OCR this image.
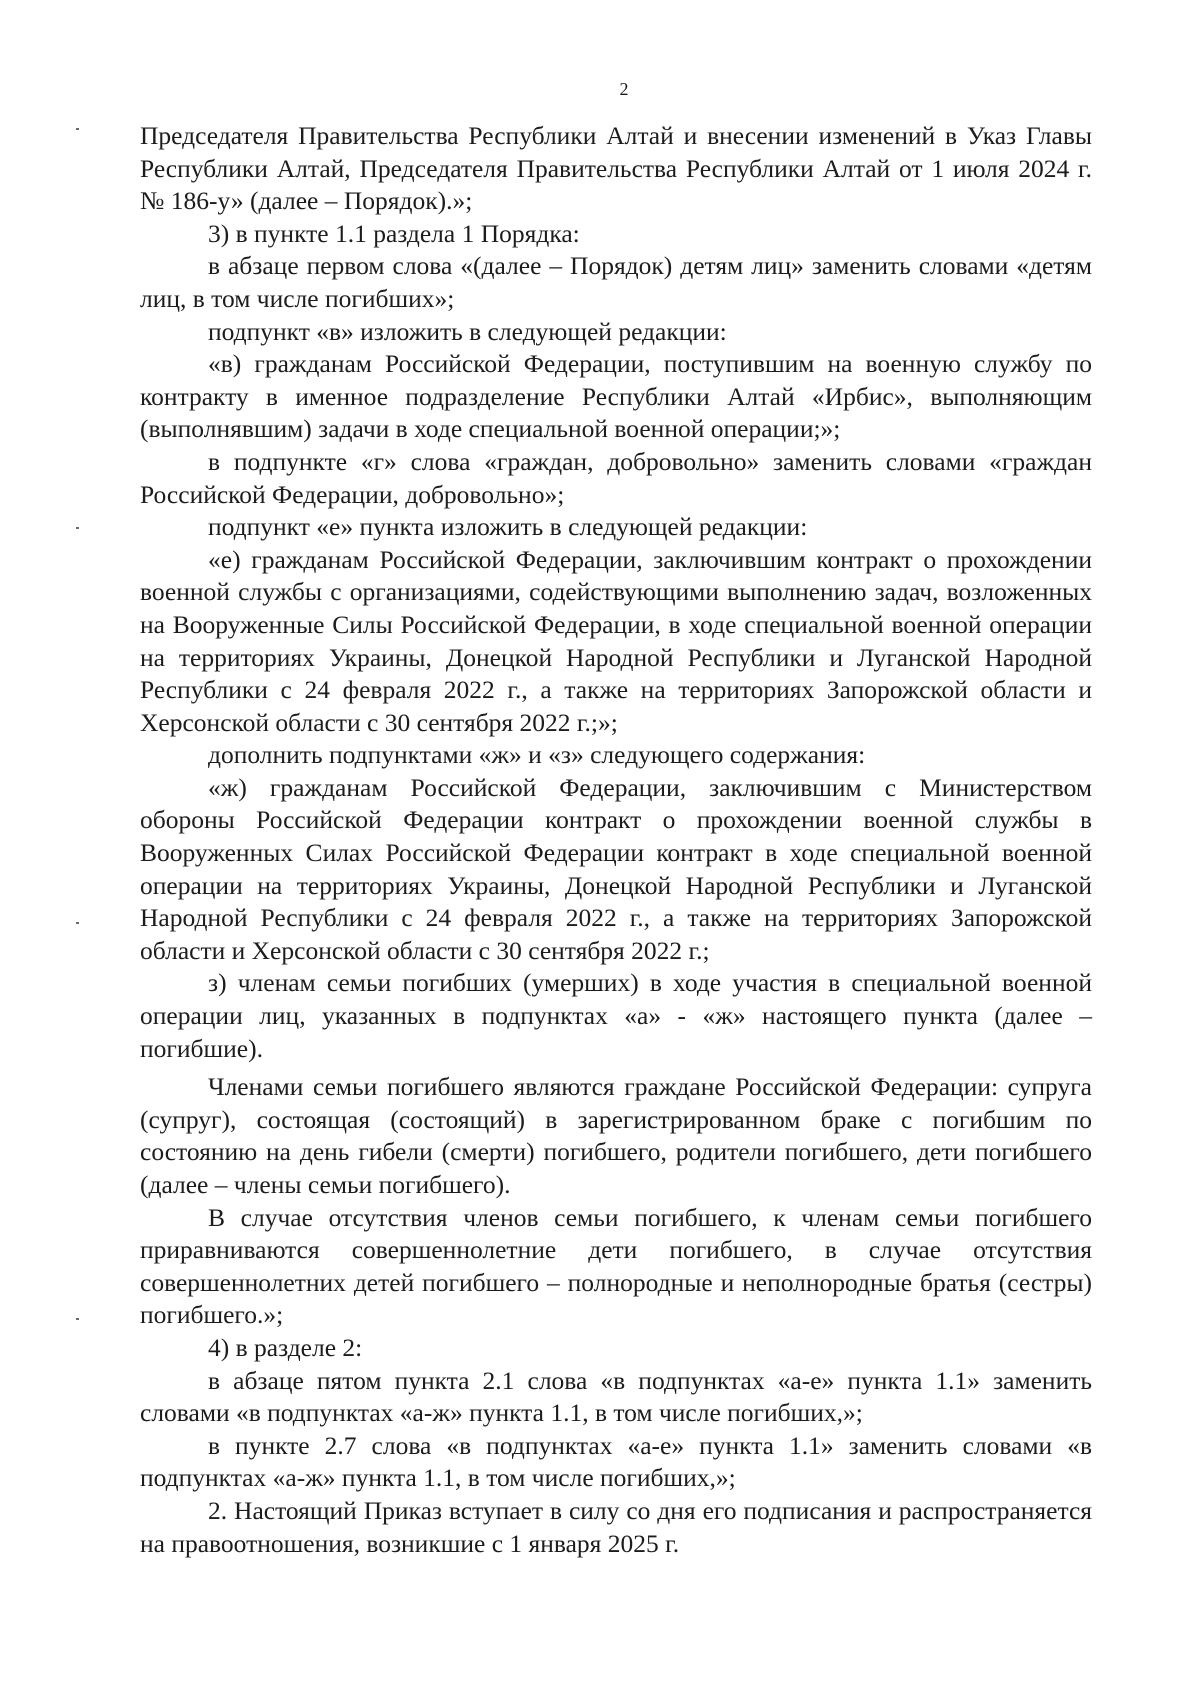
2

Председателя Правительства Республики Алтай и внесении изменений в Указ Главы Республики Алтай, Председателя Правительства Республики Алтай от 1 июля 2024 г. № 186-у» (далее – Порядок).»;

3) в пункте 1.1 раздела 1 Порядка:

в абзаце первом слова «(далее – Порядок) детям лиц» заменить словами «детям лиц, в том числе погибших»;

подпункт «в» изложить в следующей редакции:

«в) гражданам Российской Федерации, поступившим на военную службу по контракту в именное подразделение Республики Алтай «Ирбис», выполняющим (выполнявшим) задачи в ходе специальной военной операции;»;

в подпункте «г» слова «граждан, добровольно» заменить словами «граждан Российской Федерации, добровольно»;

подпункт «е» пункта изложить в следующей редакции:

«е) гражданам Российской Федерации, заключившим контракт о прохождении военной службы с организациями, содействующими выполнению задач, возложенных на Вооруженные Силы Российской Федерации, в ходе специальной военной операции на территориях Украины, Донецкой Народной Республики и Луганской Народной Республики с 24 февраля 2022 г., а также на территориях Запорожской области и Херсонской области с 30 сентября 2022 г.;»;

дополнить подпунктами «ж» и «з» следующего содержания:

«ж) гражданам Российской Федерации, заключившим с Министерством обороны Российской Федерации контракт о прохождении военной службы в Вооруженных Силах Российской Федерации контракт в ходе специальной военной операции на территориях Украины, Донецкой Народной Республики и Луганской Народной Республики с 24 февраля 2022 г., а также на территориях Запорожской области и Херсонской области с 30 сентября 2022 г.;

з) членам семьи погибших (умерших) в ходе участия в специальной военной операции лиц, указанных в подпунктах «а» - «ж» настоящего пункта (далее – погибшие).

Членами семьи погибшего являются граждане Российской Федерации: супруга (супруг), состоящая (состоящий) в зарегистрированном браке с погибшим по состоянию на день гибели (смерти) погибшего, родители погибшего, дети погибшего (далее – члены семьи погибшего).

В случае отсутствия членов семьи погибшего, к членам семьи погибшего приравниваются совершеннолетние дети погибшего, в случае отсутствия совершеннолетних детей погибшего – полнородные и неполнородные братья (сестры) погибшего.»;

4) в разделе 2:

в абзаце пятом пункта 2.1 слова «в подпунктах «а-е» пункта 1.1» заменить словами «в подпунктах «а-ж» пункта 1.1, в том числе погибших,»;

в пункте 2.7 слова «в подпунктах «а-е» пункта 1.1» заменить словами «в подпунктах «а-ж» пункта 1.1, в том числе погибших,»;

2. Настоящий Приказ вступает в силу со дня его подписания и распространяется на правоотношения, возникшие с 1 января 2025 г.
